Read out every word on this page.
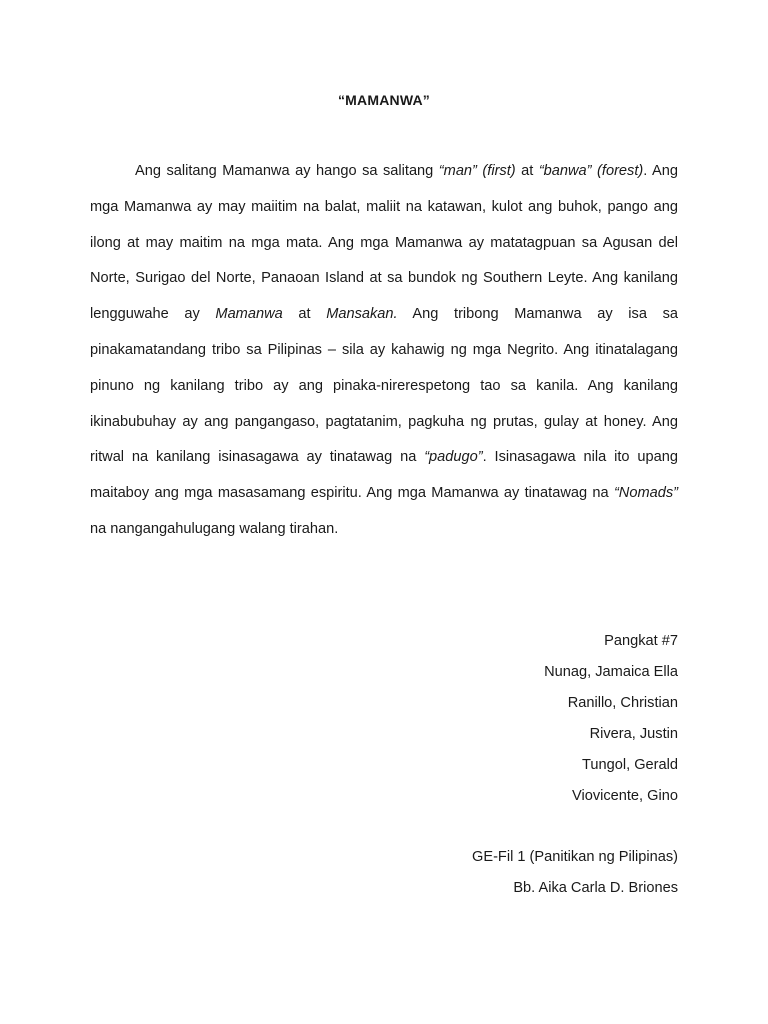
“MAMANWA”

Ang salitang Mamanwa ay hango sa salitang “man” (first) at “banwa” (forest). Ang mga Mamanwa ay may maiitim na balat, maliit na katawan, kulot ang buhok, pango ang ilong at may maitim na mga mata. Ang mga Mamanwa ay matatagpuan sa Agusan del Norte, Surigao del Norte, Panaoan Island at sa bundok ng Southern Leyte. Ang kanilang lengguwahe ay Mamanwa at Mansakan. Ang tribong Mamanwa ay isa sa pinakamatandang tribo sa Pilipinas – sila ay kahawig ng mga Negrito. Ang itinatalagang pinuno ng kanilang tribo ay ang pinaka-nirerespetong tao sa kanila. Ang kanilang ikinabubuhay ay ang pangangaso, pagtatanim, pagkuha ng prutas, gulay at honey. Ang ritwal na kanilang isinasagawa ay tinatawag na “padugo”. Isinasagawa nila ito upang maitaboy ang mga masasamang espiritu. Ang mga Mamanwa ay tinatawag na “Nomads” na nangangahulugang walang tirahan.

Pangkat #7
Nunag, Jamaica Ella
Ranillo, Christian
Rivera, Justin
Tungol, Gerald
Viovicente, Gino
GE-Fil 1 (Panitikan ng Pilipinas)
Bb. Aika Carla D. Briones
